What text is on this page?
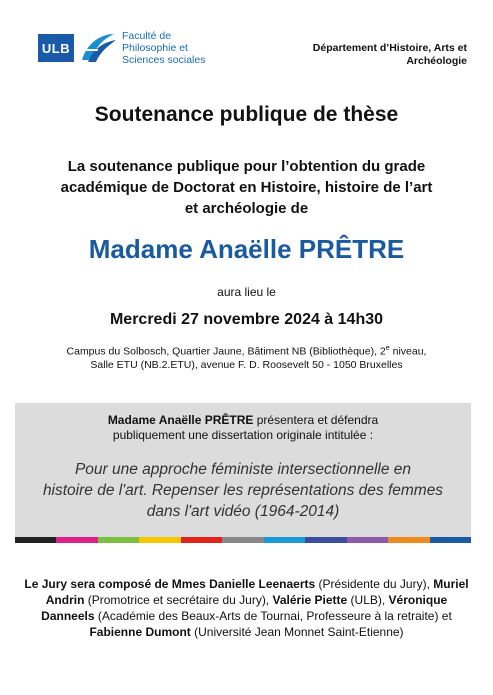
ULB
Faculté de
Philosophie et
Sciences sociales
Département d’Histoire, Arts et
Archéologie
Soutenance publique de thèse
La soutenance publique pour l’obtention du grade
académique de Doctorat en Histoire, histoire de l’art
et archéologie de
Madame Anaëlle PRÊTRE
aura lieu le
Mercredi 27 novembre 2024 à 14h30
Campus du Solbosch, Quartier Jaune, Bâtiment NB (Bibliothèque), 2e niveau,
Salle ETU (NB.2.ETU), avenue F. D. Roosevelt 50 - 1050 Bruxelles
Madame Anaëlle PRÊTRE présentera et défendra
publiquement une dissertation originale intitulée :
Pour une approche féministe intersectionnelle en
histoire de l'art. Repenser les représentations des femmes
dans l'art vidéo (1964-2014)
Le Jury sera composé de Mmes Danielle Leenaerts (Présidente du Jury), Muriel Andrin (Promotrice et secrétaire du Jury), Valérie Piette (ULB), Véronique Danneels (Académie des Beaux-Arts de Tournai, Professeure à la retraite) et Fabienne Dumont (Université Jean Monnet Saint-Etienne)
